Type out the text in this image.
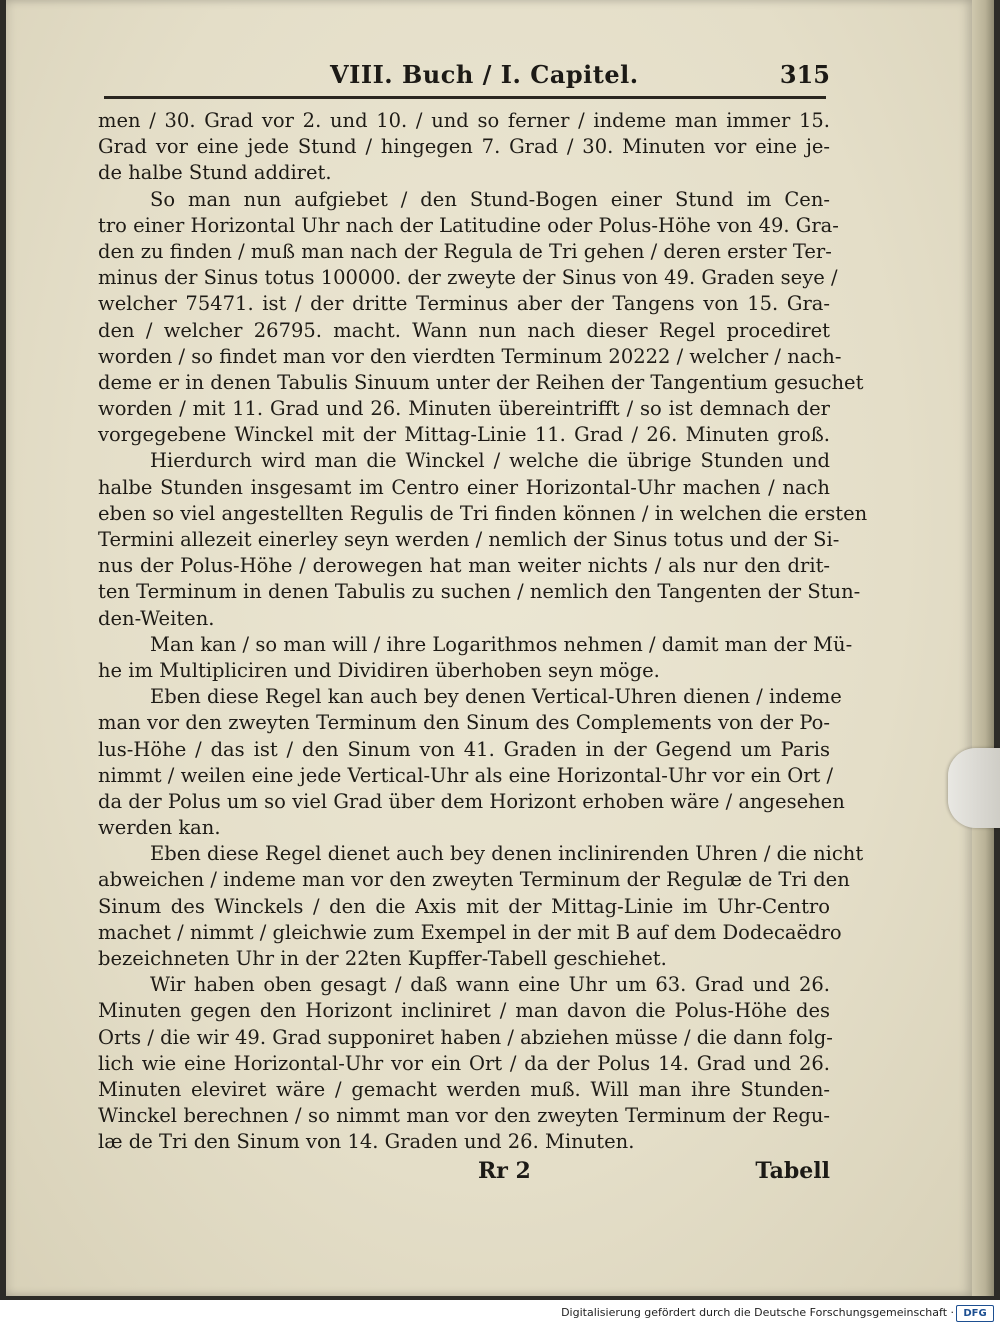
VIII. Buch / I. Capitel.	315
men / 30. Grad vor 2. und 10. / und so ferner / indeme man immer 15.
Grad vor eine jede Stund / hingegen 7. Grad / 30. Minuten vor eine je-
de halbe Stund addiret.
So man nun aufgiebet / den Stund-Bogen einer Stund im Cen-
tro einer Horizontal Uhr nach der Latitudine oder Polus-Höhe von 49. Gra-
den zu finden / muß man nach der Regula de Tri gehen / deren erster Ter-
minus der Sinus totus 100000. der zweyte der Sinus von 49. Graden seye /
welcher 75471. ist / der dritte Terminus aber der Tangens von 15. Gra-
den / welcher 26795. macht. Wann nun nach dieser Regel procediret
worden / so findet man vor den vierdten Terminum 20222 / welcher / nach-
deme er in denen Tabulis Sinuum unter der Reihen der Tangentium gesuchet
worden / mit 11. Grad und 26. Minuten übereintrifft / so ist demnach der
vorgegebene Winckel mit der Mittag-Linie 11. Grad / 26. Minuten groß.
Hierdurch wird man die Winckel / welche die übrige Stunden und
halbe Stunden insgesamt im Centro einer Horizontal-Uhr machen / nach
eben so viel angestellten Regulis de Tri finden können / in welchen die ersten
Termini allezeit einerley seyn werden / nemlich der Sinus totus und der Si-
nus der Polus-Höhe / derowegen hat man weiter nichts / als nur den drit-
ten Terminum in denen Tabulis zu suchen / nemlich den Tangenten der Stun-
den-Weiten.
Man kan / so man will / ihre Logarithmos nehmen / damit man der Mü-
he im Multipliciren und Dividiren überhoben seyn möge.
Eben diese Regel kan auch bey denen Vertical-Uhren dienen / indeme
man vor den zweyten Terminum den Sinum des Complements von der Po-
lus-Höhe / das ist / den Sinum von 41. Graden in der Gegend um Paris
nimmt / weilen eine jede Vertical-Uhr als eine Horizontal-Uhr vor ein Ort /
da der Polus um so viel Grad über dem Horizont erhoben wäre / angesehen
werden kan.
Eben diese Regel dienet auch bey denen inclinirenden Uhren / die nicht
abweichen / indeme man vor den zweyten Terminum der Regulæ de Tri den
Sinum des Winckels / den die Axis mit der Mittag-Linie im Uhr-Centro
machet / nimmt / gleichwie zum Exempel in der mit B auf dem Dodecaëdro
bezeichneten Uhr in der 22ten Kupffer-Tabell geschiehet.
Wir haben oben gesagt / daß wann eine Uhr um 63. Grad und 26.
Minuten gegen den Horizont incliniret / man davon die Polus-Höhe des
Orts / die wir 49. Grad supponiret haben / abziehen müsse / die dann folg-
lich wie eine Horizontal-Uhr vor ein Ort / da der Polus 14. Grad und 26.
Minuten eleviret wäre / gemacht werden muß. Will man ihre Stunden-
Winckel berechnen / so nimmt man vor den zweyten Terminum der Regu-
læ de Tri den Sinum von 14. Graden und 26. Minuten.
Rr 2	Tabell
Digitalisierung gefördert durch die Deutsche Forschungsgemeinschaft · DFG
